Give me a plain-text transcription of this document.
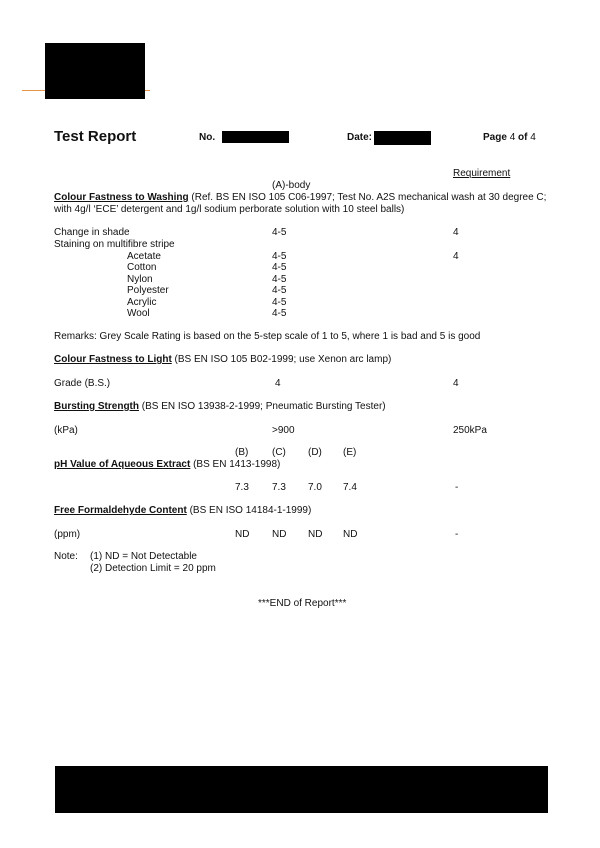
Test Report	No.	Date:	Page 4 of 4
Requirement
(A)-body
Colour Fastness to Washing (Ref. BS EN ISO 105 C06-1997; Test No. A2S mechanical wash at 30 degree C;
with 4g/l ‘ECE’ detergent and 1g/l sodium perborate solution with 10 steel balls)
Change in shade	4-5	4
Staining on multifibre stripe
Acetate	4-5	4
Cotton	4-5
Nylon	4-5
Polyester	4-5
Acrylic	4-5
Wool	4-5
Remarks: Grey Scale Rating is based on the 5-step scale of 1 to 5, where 1 is bad and 5 is good
Colour Fastness to Light (BS EN ISO 105 B02-1999; use Xenon arc lamp)
Grade (B.S.)	4	4
Bursting Strength (BS EN ISO 13938-2-1999; Pneumatic Bursting Tester)
(kPa)	>900	250kPa
(B) (C) (D) (E)
pH Value of Aqueous Extract (BS EN 1413-1998)
7.3 7.3 7.0 7.4	-
Free Formaldehyde Content (BS EN ISO 14184-1-1999)
(ppm)	ND ND ND ND	-
Note: (1) ND = Not Detectable
(2) Detection Limit = 20 ppm
***END of Report***
